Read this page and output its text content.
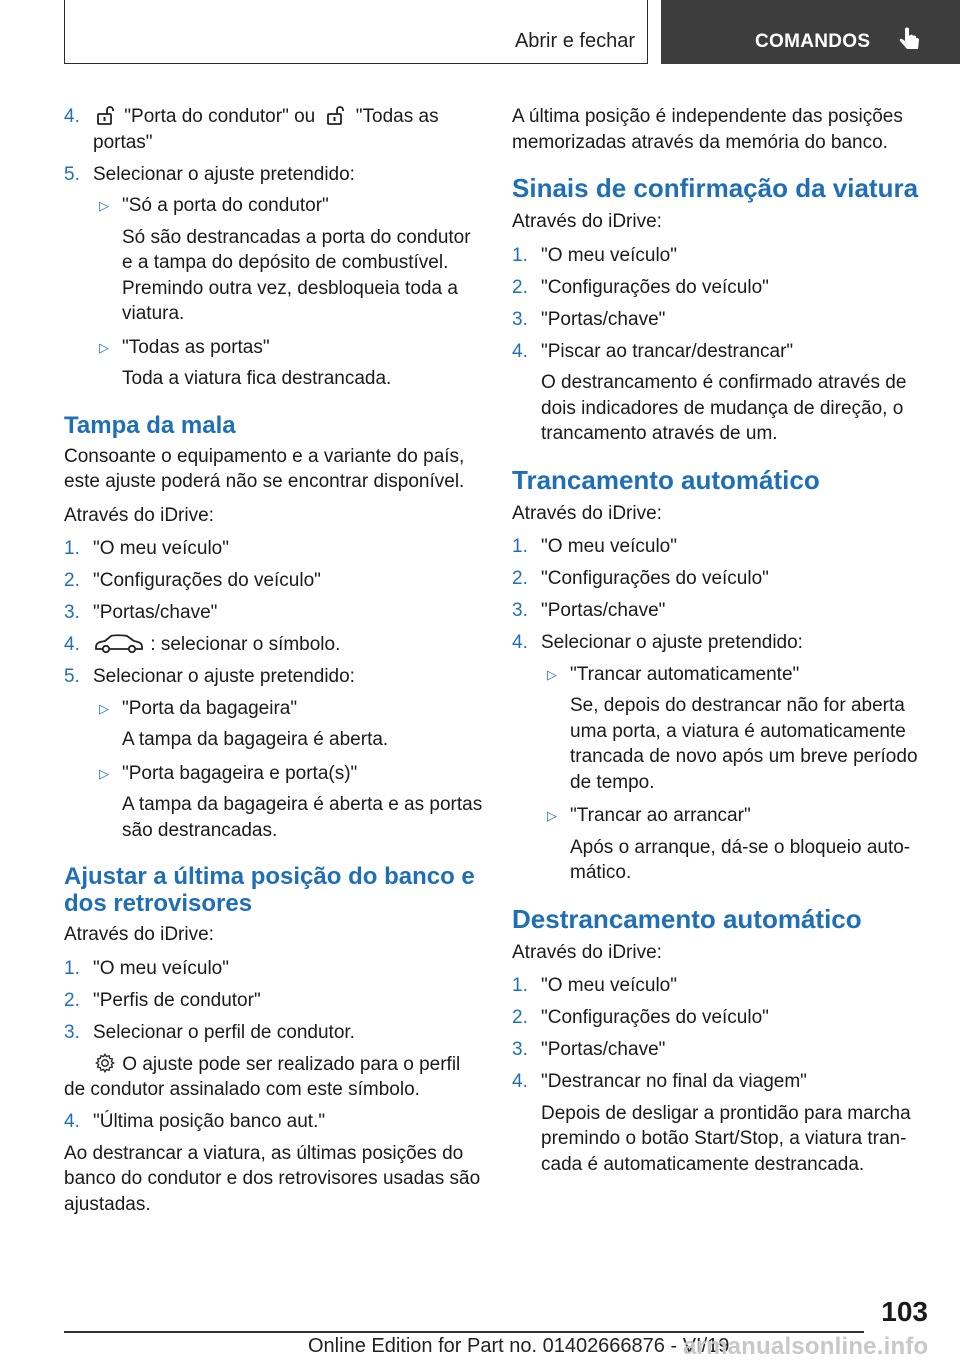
Abrir e fechar	COMANDOS
4. "Porta do condutor" ou "Todas as portas"
5. Selecionar o ajuste pretendido:
▷ "Só a porta do condutor"
Só são destrancadas a porta do condutor e a tampa do depósito de combustível. Premindo outra vez, desbloqueia toda a viatura.
▷ "Todas as portas"
Toda a viatura fica destrancada.
Tampa da mala
Consoante o equipamento e a variante do país, este ajuste poderá não se encontrar disponível.
Através do iDrive:
1. "O meu veículo"
2. "Configurações do veículo"
3. "Portas/chave"
4.	: selecionar o símbolo.
5. Selecionar o ajuste pretendido:
▷ "Porta da bagageira"
A tampa da bagageira é aberta.
▷ "Porta bagageira e porta(s)"
A tampa da bagageira é aberta e as portas são destrancadas.
Ajustar a última posição do banco e dos retrovisores
Através do iDrive:
1. "O meu veículo"
2. "Perfis de condutor"
3. Selecionar o perfil de condutor.
O ajuste pode ser realizado para o perfil de condutor assinalado com este símbolo.
4. "Última posição banco aut."
Ao destrancar a viatura, as últimas posições do banco do condutor e dos retrovisores usadas são ajustadas.
A última posição é independente das posições memorizadas através da memória do banco.
Sinais de confirmação da viatura
Através do iDrive:
1. "O meu veículo"
2. "Configurações do veículo"
3. "Portas/chave"
4. "Piscar ao trancar/destrancar"
O destrancamento é confirmado através de dois indicadores de mudança de direção, o trancamento através de um.
Trancamento automático
Através do iDrive:
1. "O meu veículo"
2. "Configurações do veículo"
3. "Portas/chave"
4. Selecionar o ajuste pretendido:
▷ "Trancar automaticamente"
Se, depois do destrancar não for aberta uma porta, a viatura é automaticamente trancada de novo após um breve período de tempo.
▷ "Trancar ao arrancar"
Após o arranque, dá-se o bloqueio auto‐mático.
Destrancamento automático
Através do iDrive:
1. "O meu veículo"
2. "Configurações do veículo"
3. "Portas/chave"
4. "Destrancar no final da viagem"
Depois de desligar a prontidão para marcha premindo o botão Start/Stop, a viatura tran‐cada é automaticamente destrancada.
103
Online Edition for Part no. 01402666876 - VI/19
armanualsonline.info
